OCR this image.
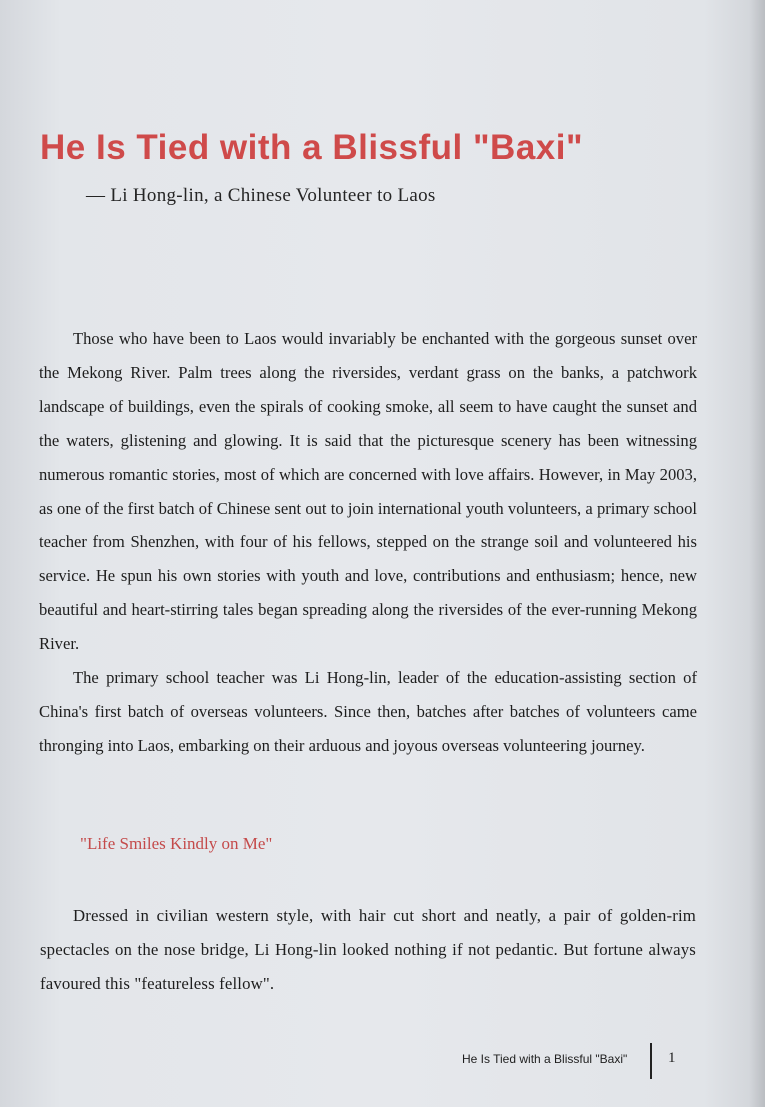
He Is Tied with a Blissful "Baxi"

— Li Hong-lin, a Chinese Volunteer to Laos

Those who have been to Laos would invariably be enchanted with the gorgeous sunset over the Mekong River. Palm trees along the riversides, verdant grass on the banks, a patchwork landscape of buildings, even the spirals of cooking smoke, all seem to have caught the sunset and the waters, glistening and glowing. It is said that the picturesque scenery has been witnessing numerous romantic stories, most of which are concerned with love affairs. However, in May 2003, as one of the first batch of Chinese sent out to join international youth volunteers, a primary school teacher from Shenzhen, with four of his fellows, stepped on the strange soil and volunteered his service. He spun his own stories with youth and love, contributions and enthusiasm; hence, new beautiful and heart-stirring tales began spreading along the riversides of the ever-running Mekong River.

The primary school teacher was Li Hong-lin, leader of the education-assisting section of China's first batch of overseas volunteers. Since then, batches after batches of volunteers came thronging into Laos, embarking on their arduous and joyous overseas volunteering journey.

"Life Smiles Kindly on Me"

Dressed in civilian western style, with hair cut short and neatly, a pair of golden-rim spectacles on the nose bridge, Li Hong-lin looked nothing if not pedantic. But fortune always favoured this "featureless fellow".

He Is Tied with a Blissful "Baxi"	1
